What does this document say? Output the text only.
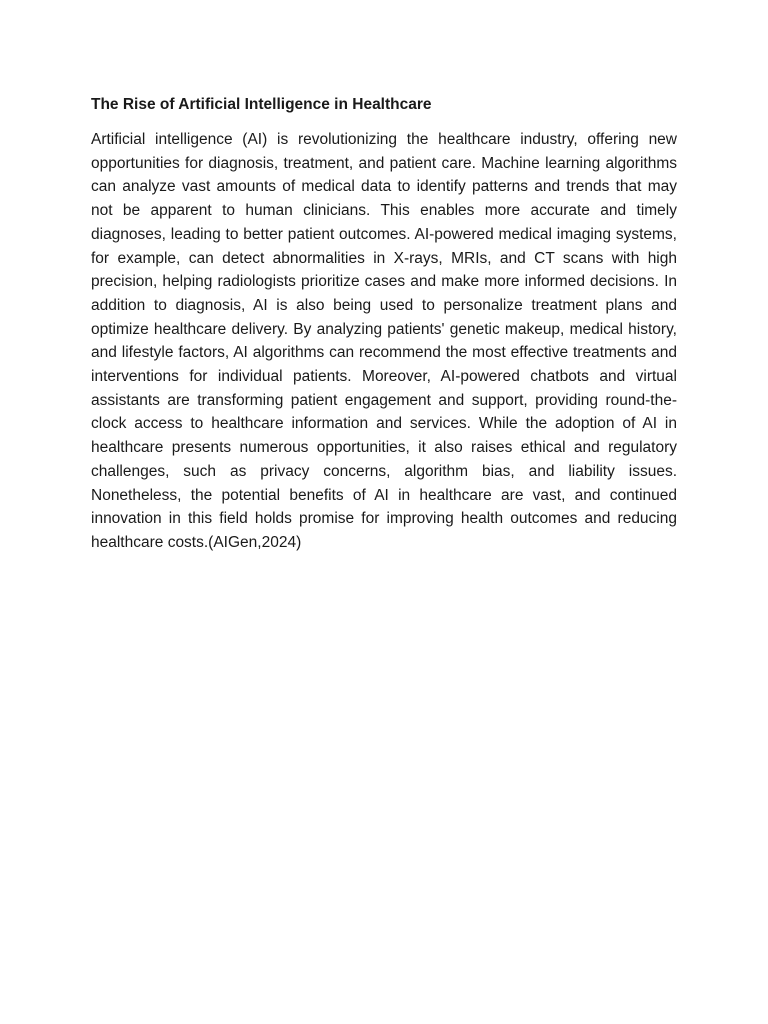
The Rise of Artificial Intelligence in Healthcare

Artificial intelligence (AI) is revolutionizing the healthcare industry, offering new opportunities for diagnosis, treatment, and patient care. Machine learning algorithms can analyze vast amounts of medical data to identify patterns and trends that may not be apparent to human clinicians. This enables more accurate and timely diagnoses, leading to better patient outcomes. AI-powered medical imaging systems, for example, can detect abnormalities in X-rays, MRIs, and CT scans with high precision, helping radiologists prioritize cases and make more informed decisions. In addition to diagnosis, AI is also being used to personalize treatment plans and optimize healthcare delivery. By analyzing patients' genetic makeup, medical history, and lifestyle factors, AI algorithms can recommend the most effective treatments and interventions for individual patients. Moreover, AI-powered chatbots and virtual assistants are transforming patient engagement and support, providing round-the-clock access to healthcare information and services. While the adoption of AI in healthcare presents numerous opportunities, it also raises ethical and regulatory challenges, such as privacy concerns, algorithm bias, and liability issues. Nonetheless, the potential benefits of AI in healthcare are vast, and continued innovation in this field holds promise for improving health outcomes and reducing healthcare costs.(AIGen,2024)
